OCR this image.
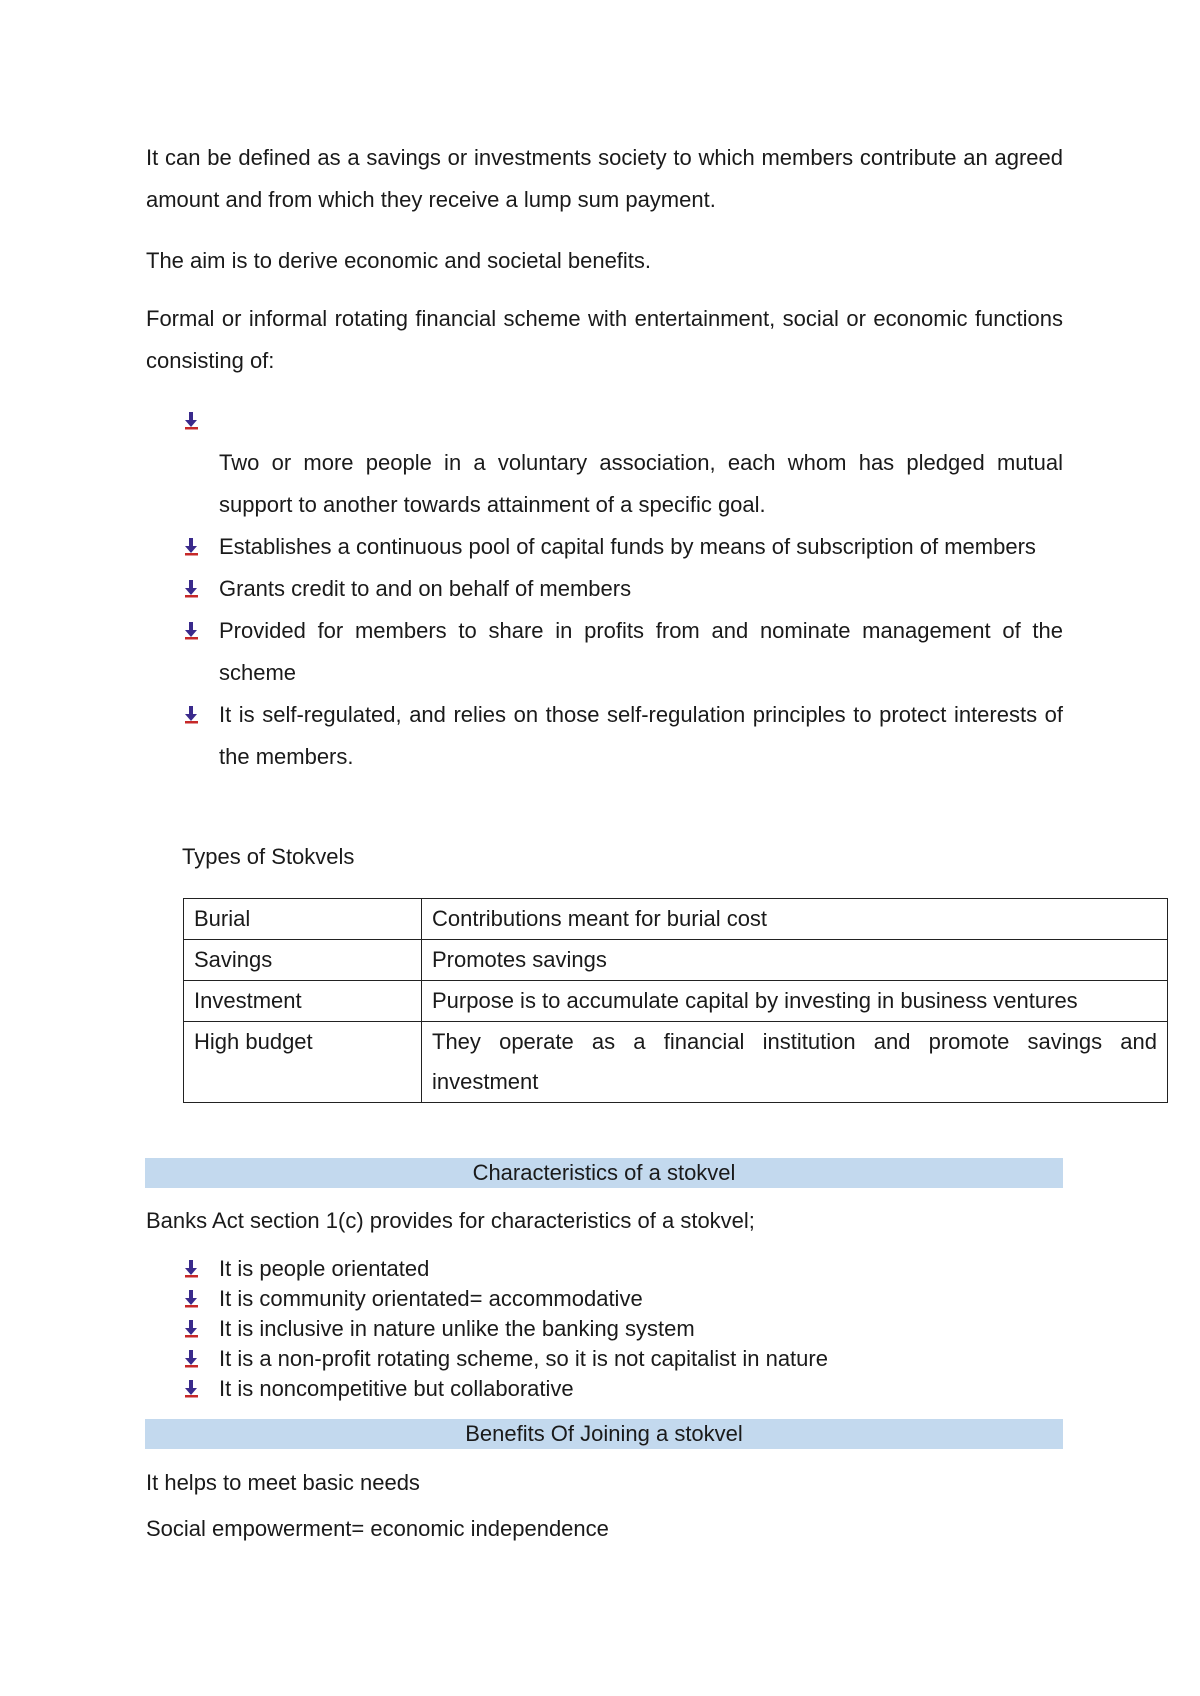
It can be defined as a savings or investments society to which members contribute an agreed amount and from which they receive a lump sum payment.

The aim is to derive economic and societal benefits.

Formal or informal rotating financial scheme with entertainment, social or economic functions consisting of:

Two or more people in a voluntary association, each whom has pledged mutual support to another towards attainment of a specific goal.
Establishes a continuous pool of capital funds by means of subscription of members
Grants credit to and on behalf of members
Provided for members to share in profits from and nominate management of the scheme
It is self-regulated, and relies on those self-regulation principles to protect interests of the members.

Types of Stokvels

Burial	Contributions meant for burial cost
Savings	Promotes savings
Investment	Purpose is to accumulate capital by investing in business ventures
High budget	They operate as a financial institution and promote savings and investment
Characteristics of a stokvel

Banks Act section 1(c) provides for characteristics of a stokvel;

It is people orientated
It is community orientated= accommodative
It is inclusive in nature unlike the banking system
It is a non-profit rotating scheme, so it is not capitalist in nature
It is noncompetitive but collaborative
Benefits Of Joining a stokvel

It helps to meet basic needs

Social empowerment= economic independence
